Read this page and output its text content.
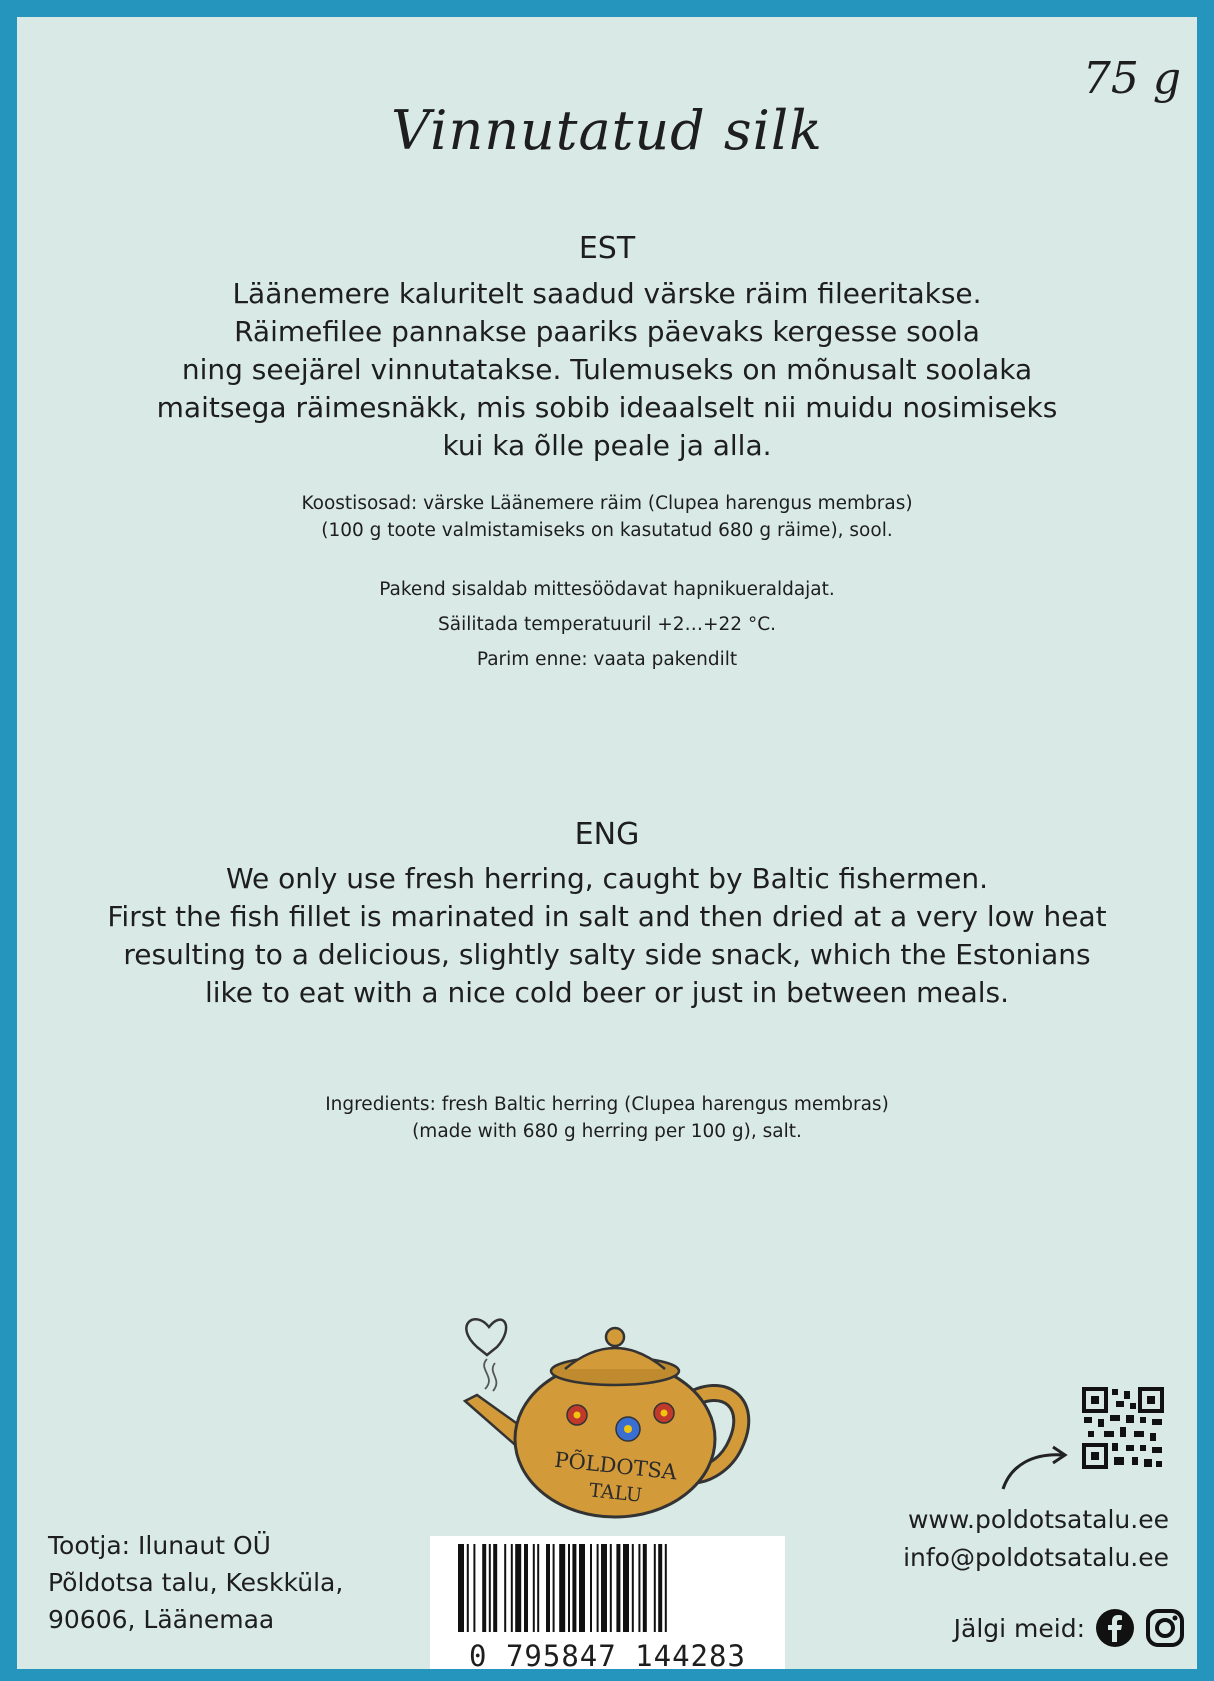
75 g
Vinnutatud silk
EST
Läänemere kaluritelt saadud värske räim fileeritakse.
Räimefilee pannakse paariks päevaks kergesse soola
ning seejärel vinnutatakse. Tulemuseks on mõnusalt soolaka
maitsega räimesnäkk, mis sobib ideaalselt nii muidu nosimiseks
kui ka õlle peale ja alla.
Koostisosad: värske Läänemere räim (Clupea harengus membras)
(100 g toote valmistamiseks on kasutatud 680 g räime), sool.
Pakend sisaldab mittesöödavat hapnikueraldajat.
Säilitada temperatuuril +2…+22 °C.
Parim enne: vaata pakendilt
ENG
We only use fresh herring, caught by Baltic fishermen.
First the fish fillet is marinated in salt and then dried at a very low heat
resulting to a delicious, slightly salty side snack, which the Estonians
like to eat with a nice cold beer or just in between meals.
Ingredients: fresh Baltic herring (Clupea harengus membras)
(made with 680 g herring per 100 g), salt.
PÕLDOTSA
TALU
Tootja: Ilunaut OÜ
Põldotsa talu, Keskküla,
90606, Läänemaa
www.poldotsatalu.ee
info@poldotsatalu.ee
Jälgi meid:
0 795847 144283
